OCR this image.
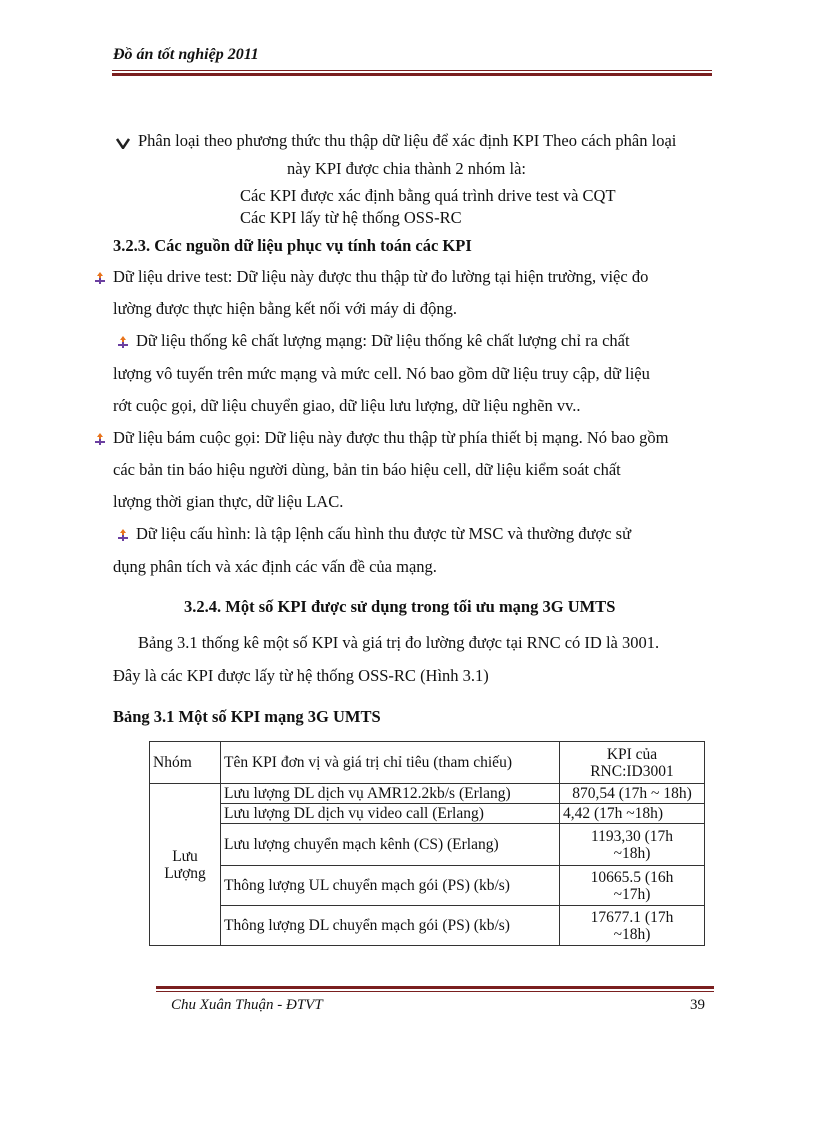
Đồ án tốt nghiệp 2011
Phân loại theo phương thức thu thập dữ liệu để xác định KPI Theo cách phân loại
này KPI được chia thành 2 nhóm là:
Các KPI được xác định bằng quá trình drive test và CQT
Các KPI lấy từ hệ thống OSS-RC
3.2.3. Các nguồn dữ liệu phục vụ tính toán các KPI
Dữ liệu drive test: Dữ liệu này được thu thập từ đo lường tại hiện trường, việc đo
lường được thực hiện bằng kết nối với máy di động.
Dữ liệu thống kê chất lượng mạng: Dữ liệu thống kê chất lượng chỉ ra chất
lượng vô tuyến trên mức mạng và mức cell. Nó bao gồm dữ liệu truy cập, dữ liệu
rớt cuộc gọi, dữ liệu chuyển giao, dữ liệu lưu lượng, dữ liệu nghẽn vv..
Dữ liệu bám cuộc gọi: Dữ liệu này được thu thập từ phía thiết bị mạng. Nó bao gồm
các bản tin báo hiệu người dùng, bản tin báo hiệu cell, dữ liệu kiểm soát chất
lượng thời gian thực, dữ liệu LAC.
Dữ liệu cấu hình: là tập lệnh cấu hình thu được từ MSC và thường được sử
dụng phân tích và xác định các vấn đề của mạng.
3.2.4. Một số KPI được sử dụng trong tối ưu mạng 3G UMTS
Bảng 3.1 thống kê một số KPI và giá trị đo lường được tại RNC có ID là 3001.
Đây là các KPI được lấy từ hệ thống OSS-RC (Hình 3.1)
Bảng 3.1 Một số KPI mạng 3G UMTS
Nhóm	Tên KPI đơn vị và giá trị chỉ tiêu (tham chiếu)	KPI của
RNC:ID3001

Lưu
Lượng	Lưu lượng DL dịch vụ AMR12.2kb/s (Erlang)	870,54 (17h ~ 18h)
	Lưu lượng DL dịch vụ video call (Erlang)	4,42 (17h ~18h)
	Lưu lượng chuyển mạch kênh (CS) (Erlang)	1193,30 (17h
~18h)

	Thông lượng UL chuyển mạch gói (PS) (kb/s)	10665.5 (16h
~17h)

	Thông lượng DL chuyển mạch gói (PS) (kb/s)	17677.1 (17h
~18h)
Chu Xuân Thuận - ĐTVT	39
